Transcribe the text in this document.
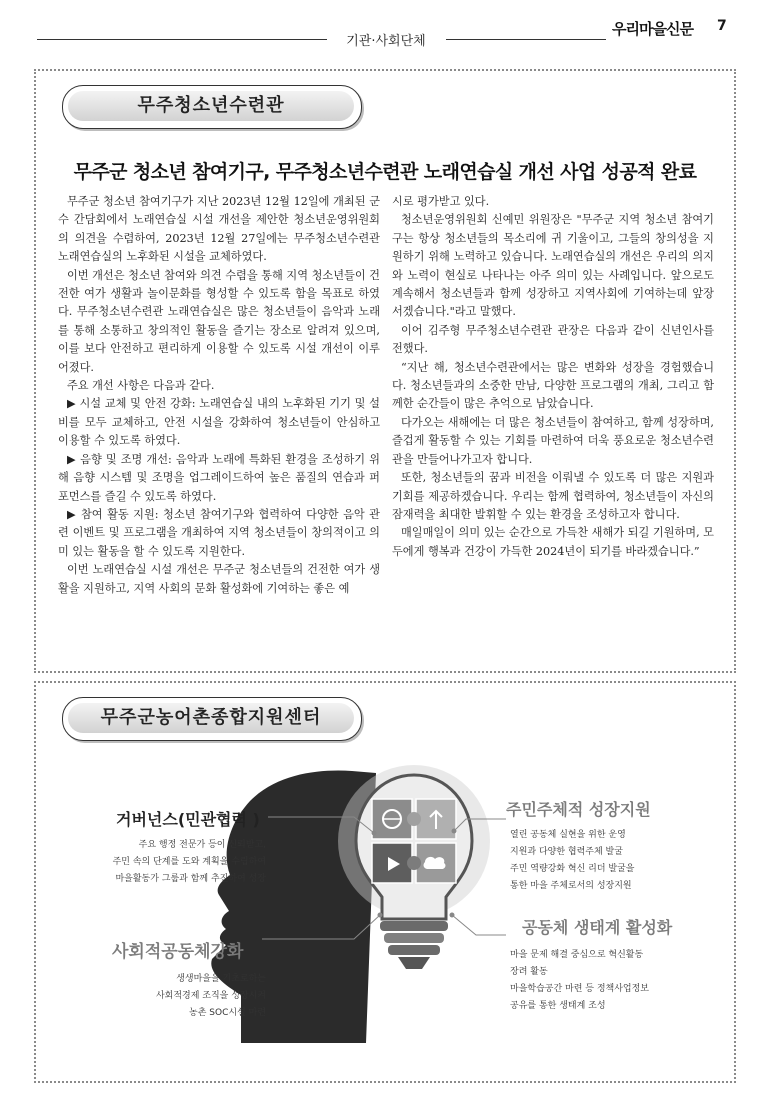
기관·사회단체
우리마을신문 7
무주청소년수련관
무주군 청소년 참여기구, 무주청소년수련관 노래연습실 개선 사업 성공적 완료

무주군 청소년 참여기구가 지난 2023년 12월 12일에 개최된 군수 간담회에서 노래연습실 시설 개선을 제안한 청소년운영위원회의 의견을 수렴하여, 2023년 12월 27일에는 무주청소년수련관 노래연습실의 노후화된 시설을 교체하였다.

이번 개선은 청소년 참여와 의견 수렴을 통해 지역 청소년들이 건전한 여가 생활과 놀이문화를 형성할 수 있도록 함을 목표로 하였다. 무주청소년수련관 노래연습실은 많은 청소년들이 음악과 노래를 통해 소통하고 창의적인 활동을 즐기는 장소로 알려져 있으며, 이를 보다 안전하고 편리하게 이용할 수 있도록 시설 개선이 이루어졌다.

주요 개선 사항은 다음과 같다.

▶ 시설 교체 및 안전 강화: 노래연습실 내의 노후화된 기기 및 설비를 모두 교체하고, 안전 시설을 강화하여 청소년들이 안심하고 이용할 수 있도록 하였다.

▶ 음향 및 조명 개선: 음악과 노래에 특화된 환경을 조성하기 위해 음향 시스템 및 조명을 업그레이드하여 높은 품질의 연습과 퍼포먼스를 즐길 수 있도록 하였다.

▶ 참여 활동 지원: 청소년 참여기구와 협력하여 다양한 음악 관련 이벤트 및 프로그램을 개최하여 지역 청소년들이 창의적이고 의미 있는 활동을 할 수 있도록 지원한다.

이번 노래연습실 시설 개선은 무주군 청소년들의 건전한 여가 생활을 지원하고, 지역 사회의 문화 활성화에 기여하는 좋은 예

시로 평가받고 있다.

청소년운영위원회 신예민 위원장은 "무주군 지역 청소년 참여기구는 항상 청소년들의 목소리에 귀 기울이고, 그들의 창의성을 지원하기 위해 노력하고 있습니다. 노래연습실의 개선은 우리의 의지와 노력이 현실로 나타나는 아주 의미 있는 사례입니다. 앞으로도 계속해서 청소년들과 함께 성장하고 지역사회에 기여하는데 앞장서겠습니다."라고 말했다.

이어 김주형 무주청소년수련관 관장은 다음과 같이 신년인사를 전했다.

“지난 해, 청소년수련관에서는 많은 변화와 성장을 경험했습니다. 청소년들과의 소중한 만남, 다양한 프로그램의 개최, 그리고 함께한 순간들이 많은 추억으로 남았습니다.

다가오는 새해에는 더 많은 청소년들이 참여하고, 함께 성장하며, 즐겁게 활동할 수 있는 기회를 마련하여 더욱 풍요로운 청소년수련관을 만들어나가고자 합니다.

또한, 청소년들의 꿈과 비전을 이뤄낼 수 있도록 더 많은 지원과 기회를 제공하겠습니다. 우리는 함께 협력하여, 청소년들이 자신의 잠재력을 최대한 발휘할 수 있는 환경을 조성하고자 합니다.

매일매일이 의미 있는 순간으로 가득찬 새해가 되길 기원하며, 모두에게 행복과 건강이 가득한 2024년이 되기를 바라겠습니다.”

무주군농어촌종합지원센터
거버넌스(민관협력 )
주요 행정 전문가 등이 신뢰받고,
주민 속의 단계를 도와 계획을 수립하여
마을활동가 그룹과 함께 추진하여 성장
사회적공동체강화
생생마을을 기초로하는
사회적경제 조직을 성장시켜
농촌 SOC시설 마련
주민주체적 성장지원
열린 공동체 실현을 위한 운영
지원과 다양한 협력주체 발굴
주민 역량강화 혁신 리더 발굴을
통한 마을 주체로서의 성장지원
공동체 생태계 활성화
마을 문제 해결 중심으로 혁신활동
장려 활동
마을학습공간 마련 등 정책사업정보
공유를 통한 생태계 조성
